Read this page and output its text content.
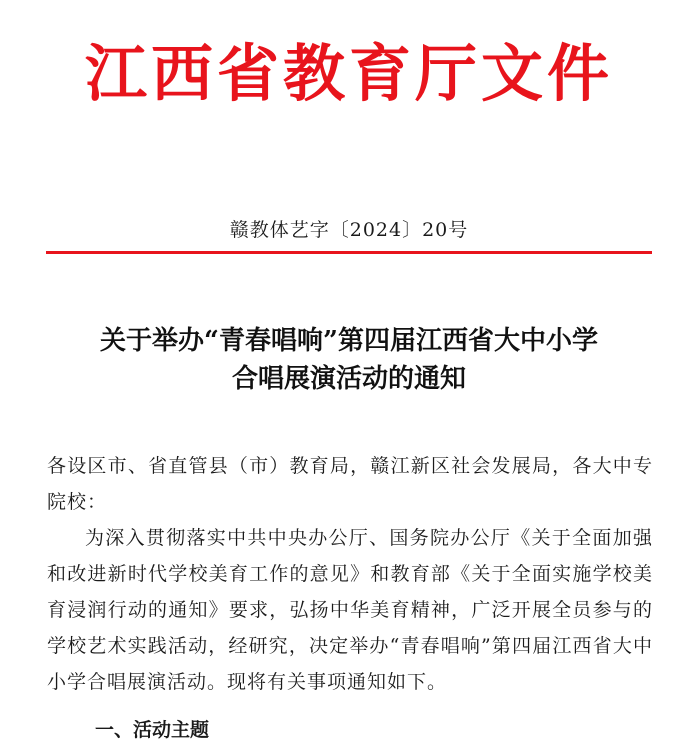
江西省教育厅文件
赣教体艺字〔2024〕20号
关于举办“青春唱响”第四届江西省大中小学
合唱展演活动的通知

各设区市、省直管县（市）教育局，赣江新区社会发展局，各大中专院校：

为深入贯彻落实中共中央办公厅、国务院办公厅《关于全面加强和改进新时代学校美育工作的意见》和教育部《关于全面实施学校美育浸润行动的通知》要求，弘扬中华美育精神，广泛开展全员参与的学校艺术实践活动，经研究，决定举办“青春唱响”第四届江西省大中小学合唱展演活动。现将有关事项通知如下。

一、活动主题
